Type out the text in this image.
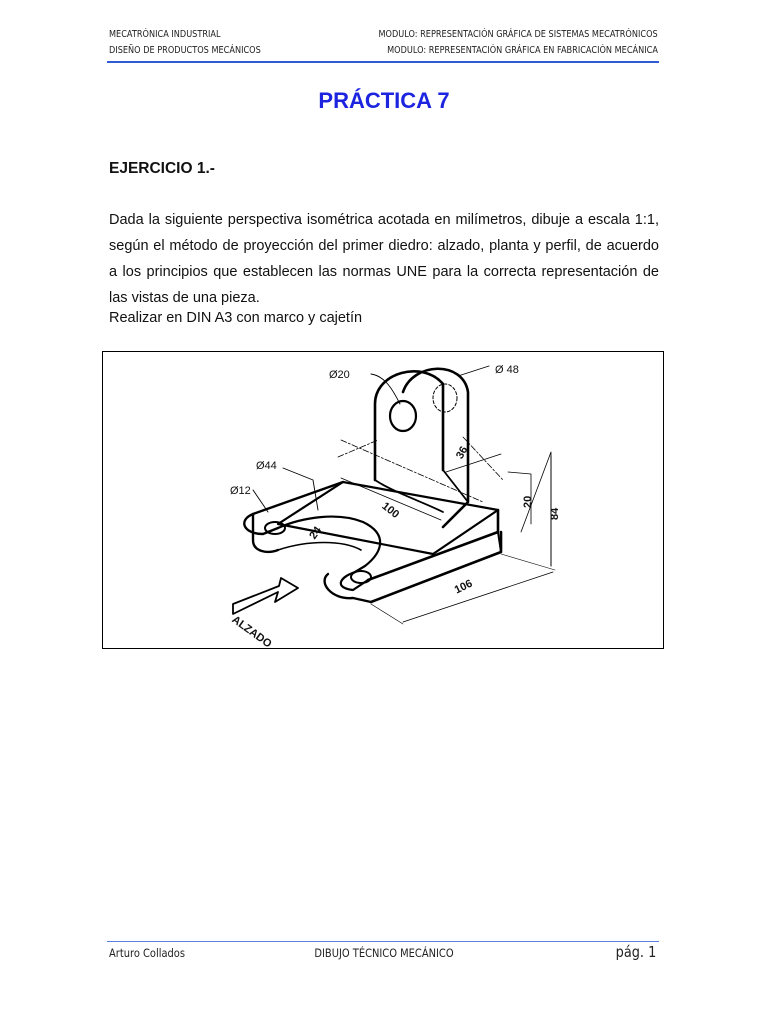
MECATRÓNICA INDUSTRIAL
DISEÑO DE PRODUCTOS MECÁNICOS
MODULO: REPRESENTACIÓN GRÁFICA DE SISTEMAS MECATRÓNICOS
MODULO: REPRESENTACIÓN GRÁFICA EN FABRICACIÓN MECÁNICA
PRÁCTICA 7
EJERCICIO 1.-

Dada la siguiente perspectiva isométrica acotada en milímetros, dibuje a escala 1:1, según el método de proyección del primer diedro: alzado, planta y perfil, de acuerdo a los principios que establecen las normas UNE para la correcta representación de las vistas de una pieza.

Realizar en DIN A3 con marco y cajetín
Ø20	Ø 48
Ø44
Ø12
36
100
24
20
84
106
ALZADO
Arturo Collados	DIBUJO TÉCNICO MECÁNICO	pág. 1
